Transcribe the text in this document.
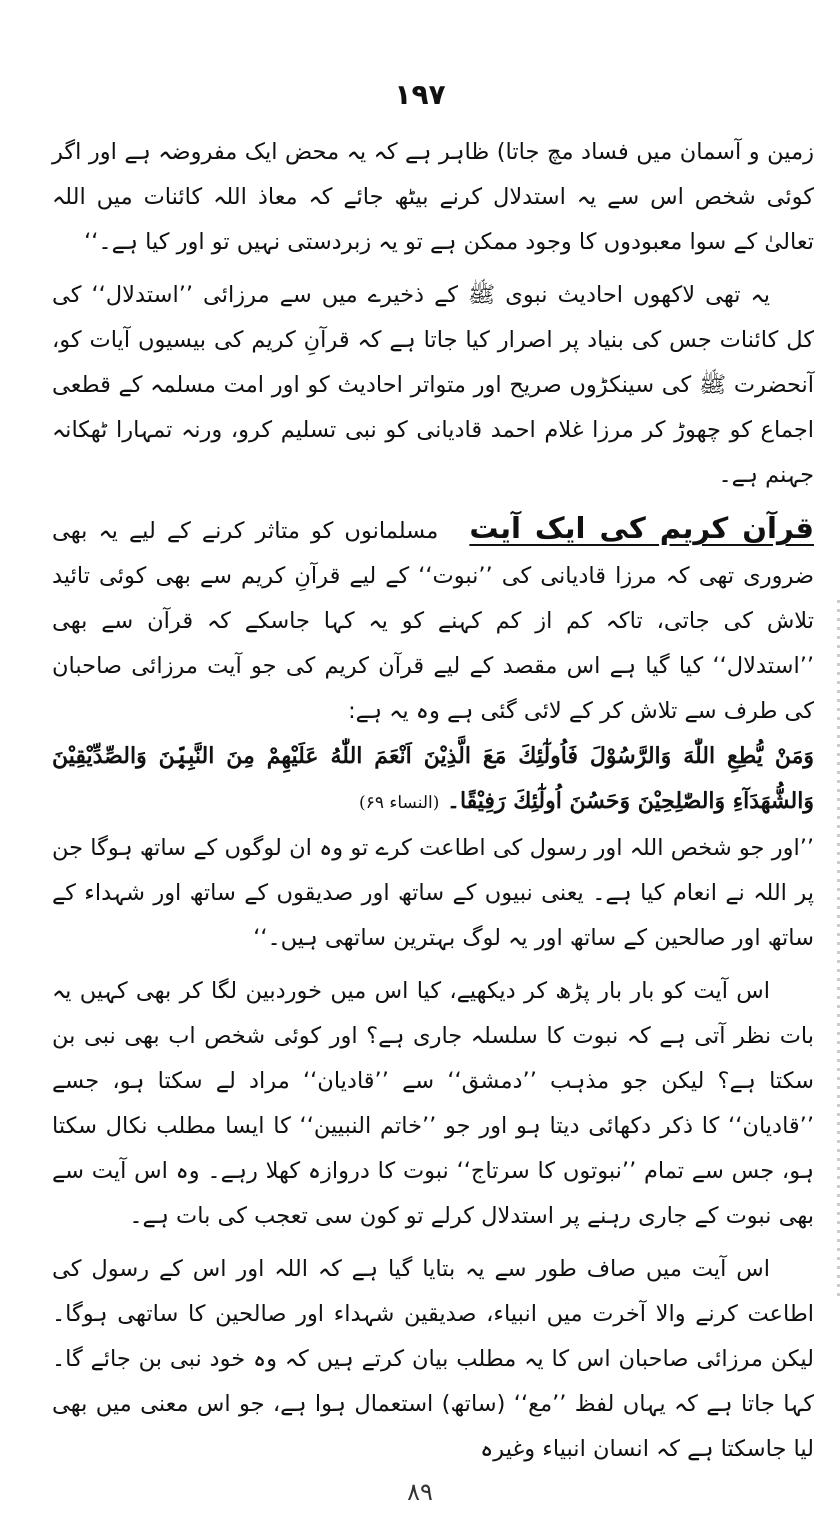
١٩٧

زمین و آسمان میں فساد مچ جاتا) ظاہر ہے کہ یہ محض ایک مفروضہ ہے اور اگر کوئی شخص اس سے یہ استدلال کرنے بیٹھ جائے کہ معاذ اللہ کائنات میں اللہ تعالیٰ کے سوا معبودوں کا وجود ممکن ہے تو یہ زبردستی نہیں تو اور کیا ہے۔‘‘

یہ تھی لاکھوں احادیث نبوی ﷺ کے ذخیرے میں سے مرزائی ’’استدلال‘‘ کی کل کائنات جس کی بنیاد پر اصرار کیا جاتا ہے کہ قرآنِ کریم کی بیسیوں آیات کو، آنحضرت ﷺ کی سینکڑوں صریح اور متواتر احادیث کو اور امت مسلمہ کے قطعی اجماع کو چھوڑ کر مرزا غلام احمد قادیانی کو نبی تسلیم کرو، ورنہ تمہارا ٹھکانہ جہنم ہے۔

قرآن کریم کی ایک آیت مسلمانوں کو متاثر کرنے کے لیے یہ بھی ضروری تھی کہ مرزا قادیانی کی ’’نبوت‘‘ کے لیے قرآنِ کریم سے بھی کوئی تائید تلاش کی جاتی، تاکہ کم از کم کہنے کو یہ کہا جاسکے کہ قرآن سے بھی ’’استدلال‘‘ کیا گیا ہے اس مقصد کے لیے قرآن کریم کی جو آیت مرزائی صاحبان کی طرف سے تلاش کر کے لائی گئی ہے وہ یہ ہے:

وَمَنْ يُّطِعِ اللّٰهَ وَالرَّسُوْلَ فَاُولٰٓئِكَ مَعَ الَّذِيْنَ اَنْعَمَ اللّٰهُ عَلَيْهِمْ مِنَ النَّبِيّٖنَ وَالصِّدِّيْقِيْنَ وَالشُّهَدَآءِ وَالصّٰلِحِيْنَ وَحَسُنَ اُولٰٓئِكَ رَفِيْقًا۔ (النساء ۶۹)

’’اور جو شخص اللہ اور رسول کی اطاعت کرے تو وہ ان لوگوں کے ساتھ ہوگا جن پر اللہ نے انعام کیا ہے۔ یعنی نبیوں کے ساتھ اور صدیقوں کے ساتھ اور شہداء کے ساتھ اور صالحین کے ساتھ اور یہ لوگ بہترین ساتھی ہیں۔‘‘

اس آیت کو بار بار پڑھ کر دیکھیے، کیا اس میں خوردبین لگا کر بھی کہیں یہ بات نظر آتی ہے کہ نبوت کا سلسلہ جاری ہے؟ اور کوئی شخص اب بھی نبی بن سکتا ہے؟ لیکن جو مذہب ’’دمشق‘‘ سے ’’قادیان‘‘ مراد لے سکتا ہو، جسے ’’قادیان‘‘ کا ذکر دکھائی دیتا ہو اور جو ’’خاتم النبیین‘‘ کا ایسا مطلب نکال سکتا ہو، جس سے تمام ’’نبوتوں کا سرتاج‘‘ نبوت کا دروازہ کھلا رہے۔ وہ اس آیت سے بھی نبوت کے جاری رہنے پر استدلال کرلے تو کون سی تعجب کی بات ہے۔

اس آیت میں صاف طور سے یہ بتایا گیا ہے کہ اللہ اور اس کے رسول کی اطاعت کرنے والا آخرت میں انبیاء، صدیقین شہداء اور صالحین کا ساتھی ہوگا۔ لیکن مرزائی صاحبان اس کا یہ مطلب بیان کرتے ہیں کہ وہ خود نبی بن جائے گا۔ کہا جاتا ہے کہ یہاں لفظ ’’مع‘‘ (ساتھ) استعمال ہوا ہے، جو اس معنی میں بھی لیا جاسکتا ہے کہ انسان انبیاء وغیرہ

٨٩
